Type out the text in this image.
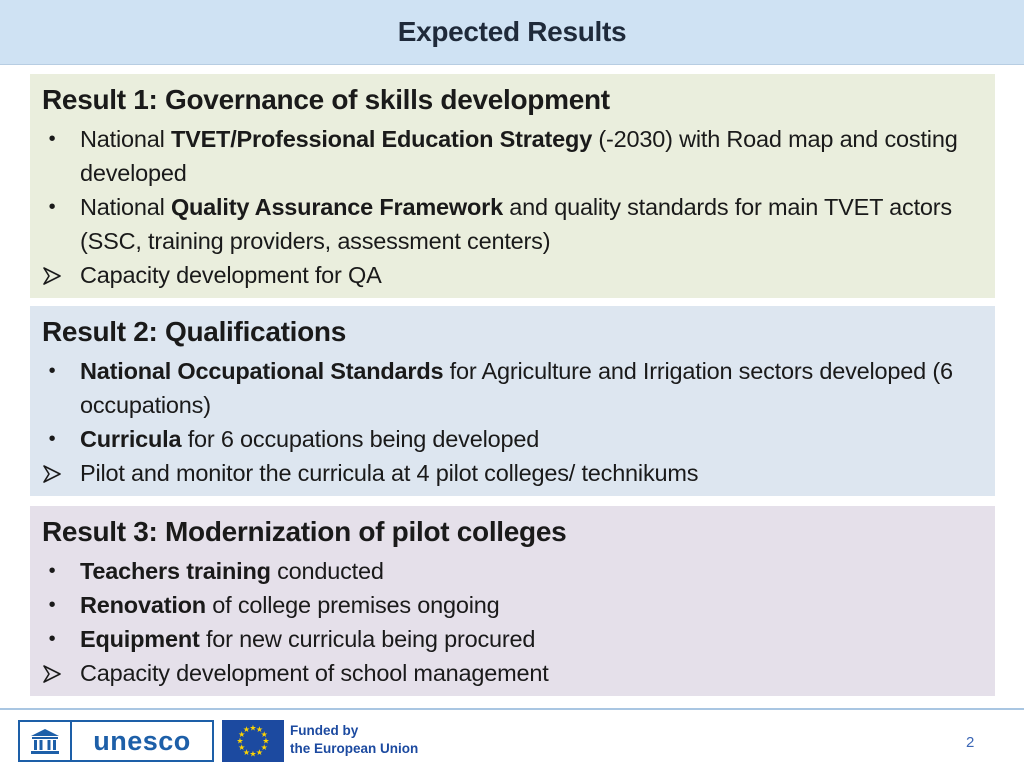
Expected Results
Result 1: Governance of skills development
• National TVET/Professional Education Strategy (-2030) with Road map and costing developed
• National Quality Assurance Framework and quality standards for main TVET actors (SSC, training providers, assessment centers)
Capacity development for QA
Result 2: Qualifications
• National Occupational Standards for Agriculture and Irrigation sectors developed (6 occupations)
• Curricula for 6 occupations being developed
Pilot and monitor the curricula at 4 pilot colleges/ technikums
Result 3: Modernization of pilot colleges
• Teachers training conducted
• Renovation of college premises ongoing
• Equipment for new curricula being procured
Capacity development of school management
unesco	★ ★
★
★
★
★
★
★
★
★
★
★	Funded by
the European Union	2
